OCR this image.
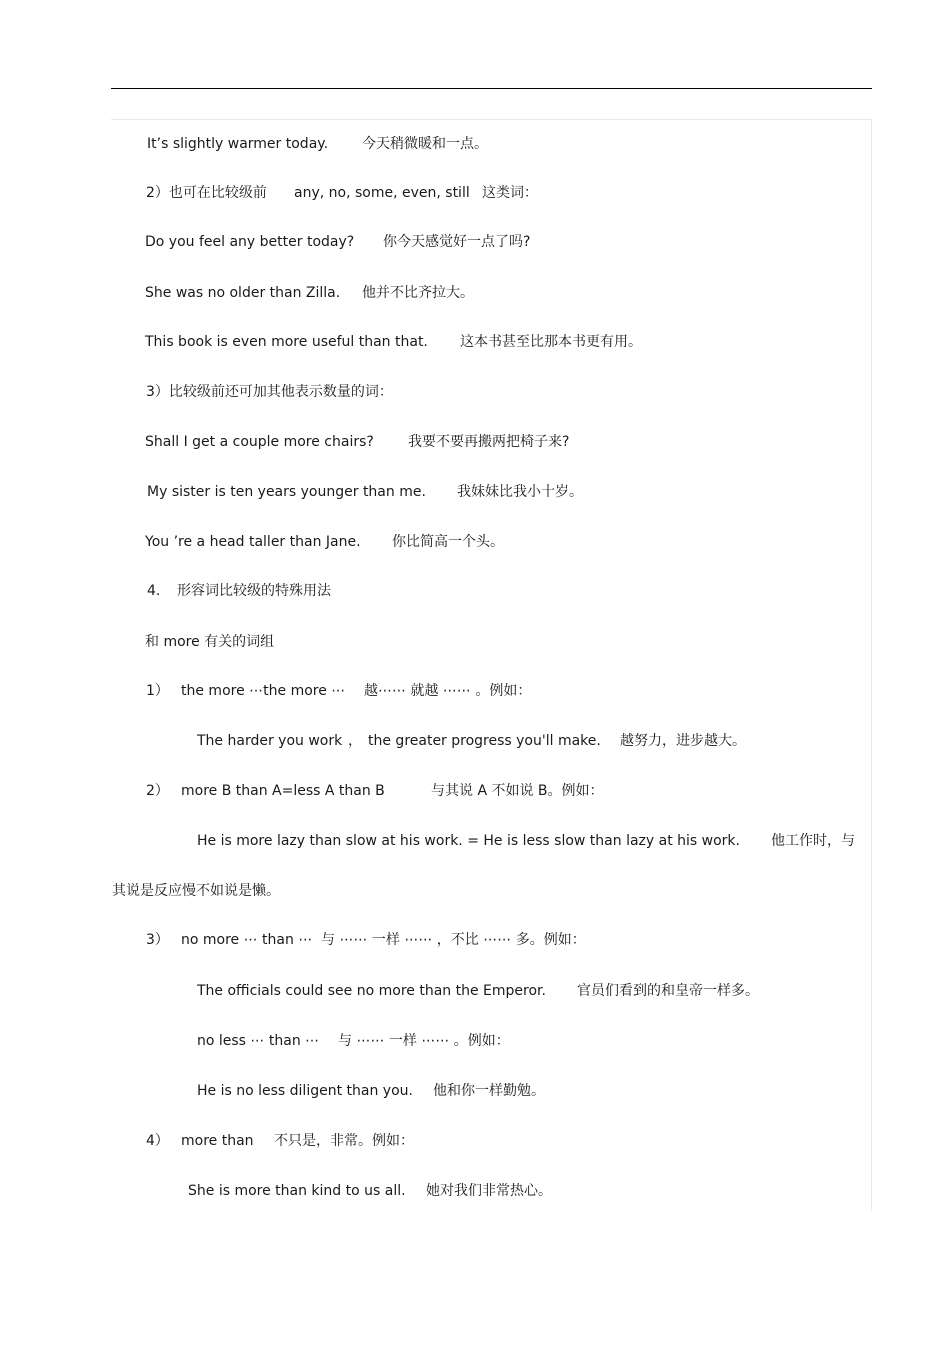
It’s slightly warmer today. 今天稍微暖和一点。
2）也可在比较级前 any, no, some, even, still 这类词：
Do you feel any better today? 你今天感觉好一点了吗?
She was no older than Zilla. 他并不比齐拉大。
This book is even more useful than that. 这本书甚至比那本书更有用。
3）比较级前还可加其他表示数量的词：
Shall I get a couple more chairs? 我要不要再搬两把椅子来?
My sister is ten years younger than me. 我妹妹比我小十岁。
You ’re a head taller than Jane. 你比简高一个头。
4. 形容词比较级的特殊用法
和 more 有关的词组
1） the more ⋯the more ⋯ 越⋯⋯ 就越 ⋯⋯ 。例如：
The harder you work ， the greater progress you'll make. 越努力，进步越大。
2） more B than A=less A than B	与其说 A 不如说 B。例如：
He is more lazy than slow at his work. = He is less slow than lazy at his work. 他工作时，与
其说是反应慢不如说是懒。
3） no more ⋯ than ⋯ 与 ⋯⋯ 一样 ⋯⋯ ，不比 ⋯⋯ 多。例如：
The officials could see no more than the Emperor. 官员们看到的和皇帝一样多。
no less ⋯ than ⋯ 与 ⋯⋯ 一样 ⋯⋯ 。例如：
He is no less diligent than you. 他和你一样勤勉。
4） more than 不只是，非常。例如：
She is more than kind to us all. 她对我们非常热心。
